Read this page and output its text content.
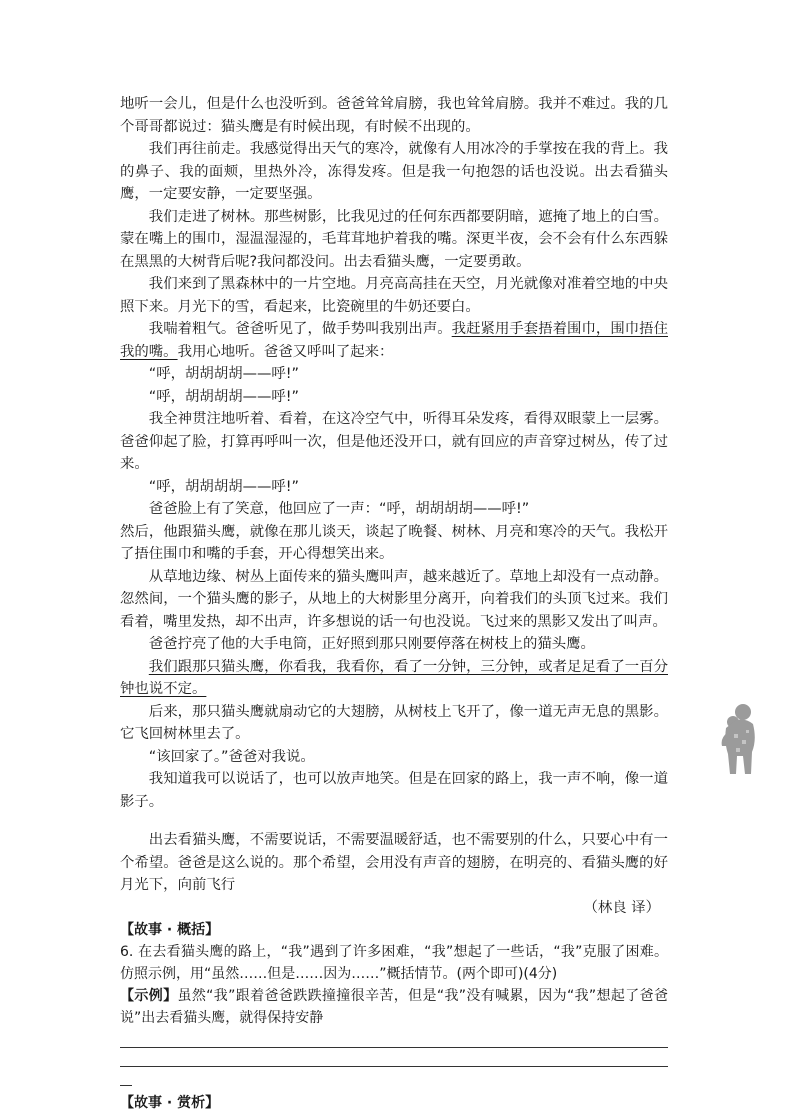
地听一会儿，但是什么也没听到。爸爸耸耸肩膀，我也耸耸肩膀。我并不难过。我的几个哥哥都说过：猫头鹰是有时候出现，有时候不出现的。

我们再往前走。我感觉得出天气的寒冷，就像有人用冰冷的手掌按在我的背上。我的鼻子、我的面颊，里热外冷，冻得发疼。但是我一句抱怨的话也没说。出去看猫头鹰，一定要安静，一定要坚强。

我们走进了树林。那些树影，比我见过的任何东西都要阴暗，遮掩了地上的白雪。蒙在嘴上的围巾，湿温湿湿的，毛茸茸地护着我的嘴。深更半夜，会不会有什么东西躲在黑黑的大树背后呢?我问都没问。出去看猫头鹰，一定要勇敢。

我们来到了黑森林中的一片空地。月亮高高挂在天空，月光就像对准着空地的中央照下来。月光下的雪，看起来，比瓷碗里的牛奶还要白。

我喘着粗气。爸爸听见了，做手势叫我别出声。我赶紧用手套捂着围巾，围巾捂住我的嘴。我用心地听。爸爸又呼叫了起来：

“呼，胡胡胡胡——呼!”

“呼，胡胡胡胡——呼!”

我全神贯注地听着、看着，在这冷空气中，听得耳朵发疼，看得双眼蒙上一层雾。爸爸仰起了脸，打算再呼叫一次，但是他还没开口，就有回应的声音穿过树丛，传了过来。

“呼，胡胡胡胡——呼!”

爸爸脸上有了笑意，他回应了一声：“呼，胡胡胡胡——呼!”

然后，他跟猫头鹰，就像在那儿谈天，谈起了晚餐、树林、月亮和寒冷的天气。我松开了捂住围巾和嘴的手套，开心得想笑出来。

从草地边缘、树丛上面传来的猫头鹰叫声，越来越近了。草地上却没有一点动静。忽然间，一个猫头鹰的影子，从地上的大树影里分离开，向着我们的头顶飞过来。我们看着，嘴里发热，却不出声，许多想说的话一句也没说。飞过来的黑影又发出了叫声。

爸爸拧亮了他的大手电筒，正好照到那只刚要停落在树枝上的猫头鹰。

我们跟那只猫头鹰，你看我，我看你，看了一分钟，三分钟，或者足足看了一百分钟也说不定。

后来，那只猫头鹰就扇动它的大翅膀，从树枝上飞开了，像一道无声无息的黑影。它飞回树林里去了。

“该回家了。”爸爸对我说。

我知道我可以说话了，也可以放声地笑。但是在回家的路上，我一声不响，像一道影子。

出去看猫头鹰，不需要说话，不需要温暖舒适，也不需要别的什么，只要心中有一个希望。爸爸是这么说的。那个希望，会用没有声音的翅膀，在明亮的、看猫头鹰的好月光下，向前飞行

（林良 译）

【故事 · 概括】

6. 在去看猫头鹰的路上，“我”遇到了许多困难，“我”想起了一些话，“我”克服了困难。仿照示例，用“虽然……但是……因为……”概括情节。(两个即可)(4分)

【示例】虽然“我”跟着爸爸跌跌撞撞很辛苦，但是“我”没有喊累，因为“我”想起了爸爸说”出去看猫头鹰，就得保持安静

【故事 · 赏析】
